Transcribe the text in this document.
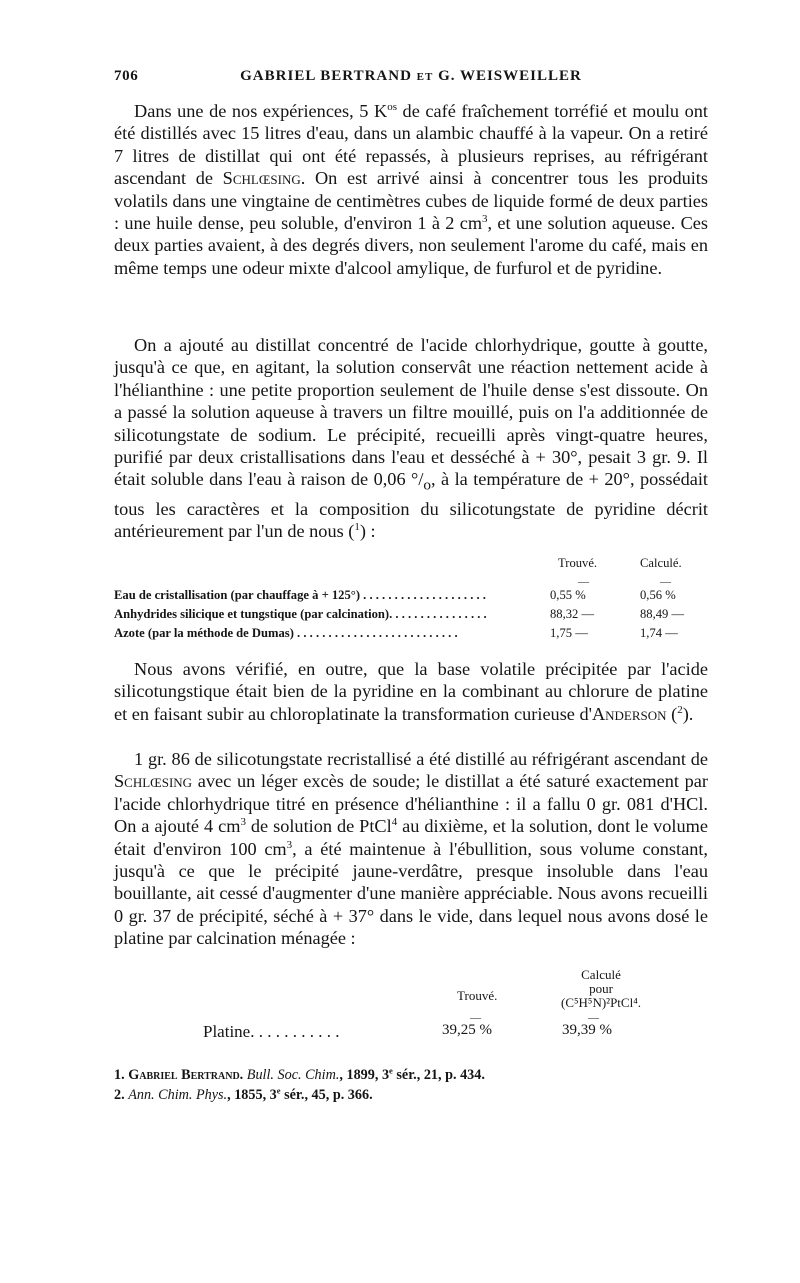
706	GABRIEL BERTRAND et G. WEISWEILLER

Dans une de nos expériences, 5 $K^{os}$ de café fraîchement torréfié et moulu ont été distillés avec 15 litres d'eau, dans un alambic chauffé à la vapeur. On a retiré 7 litres de distillat qui ont été repassés, à plusieurs reprises, au réfrigérant ascendant de Schlœsing. On est arrivé ainsi à concentrer tous les produits volatils dans une vingtaine de centimètres cubes de liquide formé de deux parties : une huile dense, peu soluble, d'environ 1 à 2 $cm^3$, et une solution aqueuse. Ces deux parties avaient, à des degrés divers, non seulement l'arome du café, mais en même temps une odeur mixte d'alcool amylique, de furfurol et de pyridine.

On a ajouté au distillat concentré de l'acide chlorhydrique, goutte à goutte, jusqu'à ce que, en agitant, la solution conservât une réaction nettement acide à l'hélianthine : une petite proportion seulement de l'huile dense s'est dissoute. On a passé la solution aqueuse à travers un filtre mouillé, puis on l'a additionnée de silicotungstate de sodium. Le précipité, recueilli après vingt-quatre heures, purifié par deux cristallisations dans l'eau et desséché à + 30°, pesait 3 gr. 9. Il était soluble dans l'eau à raison de 0,06 $^\circ/_o$, à la température de + 20°, possédait tous les caractères et la composition du silicotungstate de pyridine décrit antérieurement par l'un de nous ($^1$) :

Trouvé.	Calculé.
—	—
Eau de cristallisation (par chauffage à + 125°) . . . . . . . . . . . . . . . . . . . .	0,55 %	0,56 %
Anhydrides silicique et tungstique (par calcination). . . . . . . . . . . . . . . .	88,32 —	88,49 —
Azote (par la méthode de Dumas) . . . . . . . . . . . . . . . . . . . . . . . . . .	1,75 —	1,74 —

Nous avons vérifié, en outre, que la base volatile précipitée par l'acide silicotungstique était bien de la pyridine en la combinant au chlorure de platine et en faisant subir au chloroplatinate la transformation curieuse d'Anderson ($^2$).

1 gr. 86 de silicotungstate recristallisé a été distillé au réfrigérant ascendant de Schlœsing avec un léger excès de soude; le distillat a été saturé exactement par l'acide chlorhydrique titré en présence d'hélianthine : il a fallu 0 gr. 081 d'HCl. On a ajouté 4 $cm^3$ de solution de PtCl$^4$ au dixième, et la solution, dont le volume était d'environ 100 $cm^3$, a été maintenue à l'ébullition, sous volume constant, jusqu'à ce que le précipité jaune-verdâtre, presque insoluble dans l'eau bouillante, ait cessé d'augmenter d'une manière appréciable. Nous avons recueilli 0 gr. 37 de précipité, séché à + 37° dans le vide, dans lequel nous avons dosé le platine par calcination ménagée :

Trouvé.
Calculé
pour
(C⁵H⁵N)²PtCl⁴.
—	—
Platine. . . . . . . . . . .	39,25 %	39,39 %
1. Gabriel Bertrand. Bull. Soc. Chim., 1899, 3e sér., 21, p. 434.
2. Ann. Chim. Phys., 1855, 3e sér., 45, p. 366.
